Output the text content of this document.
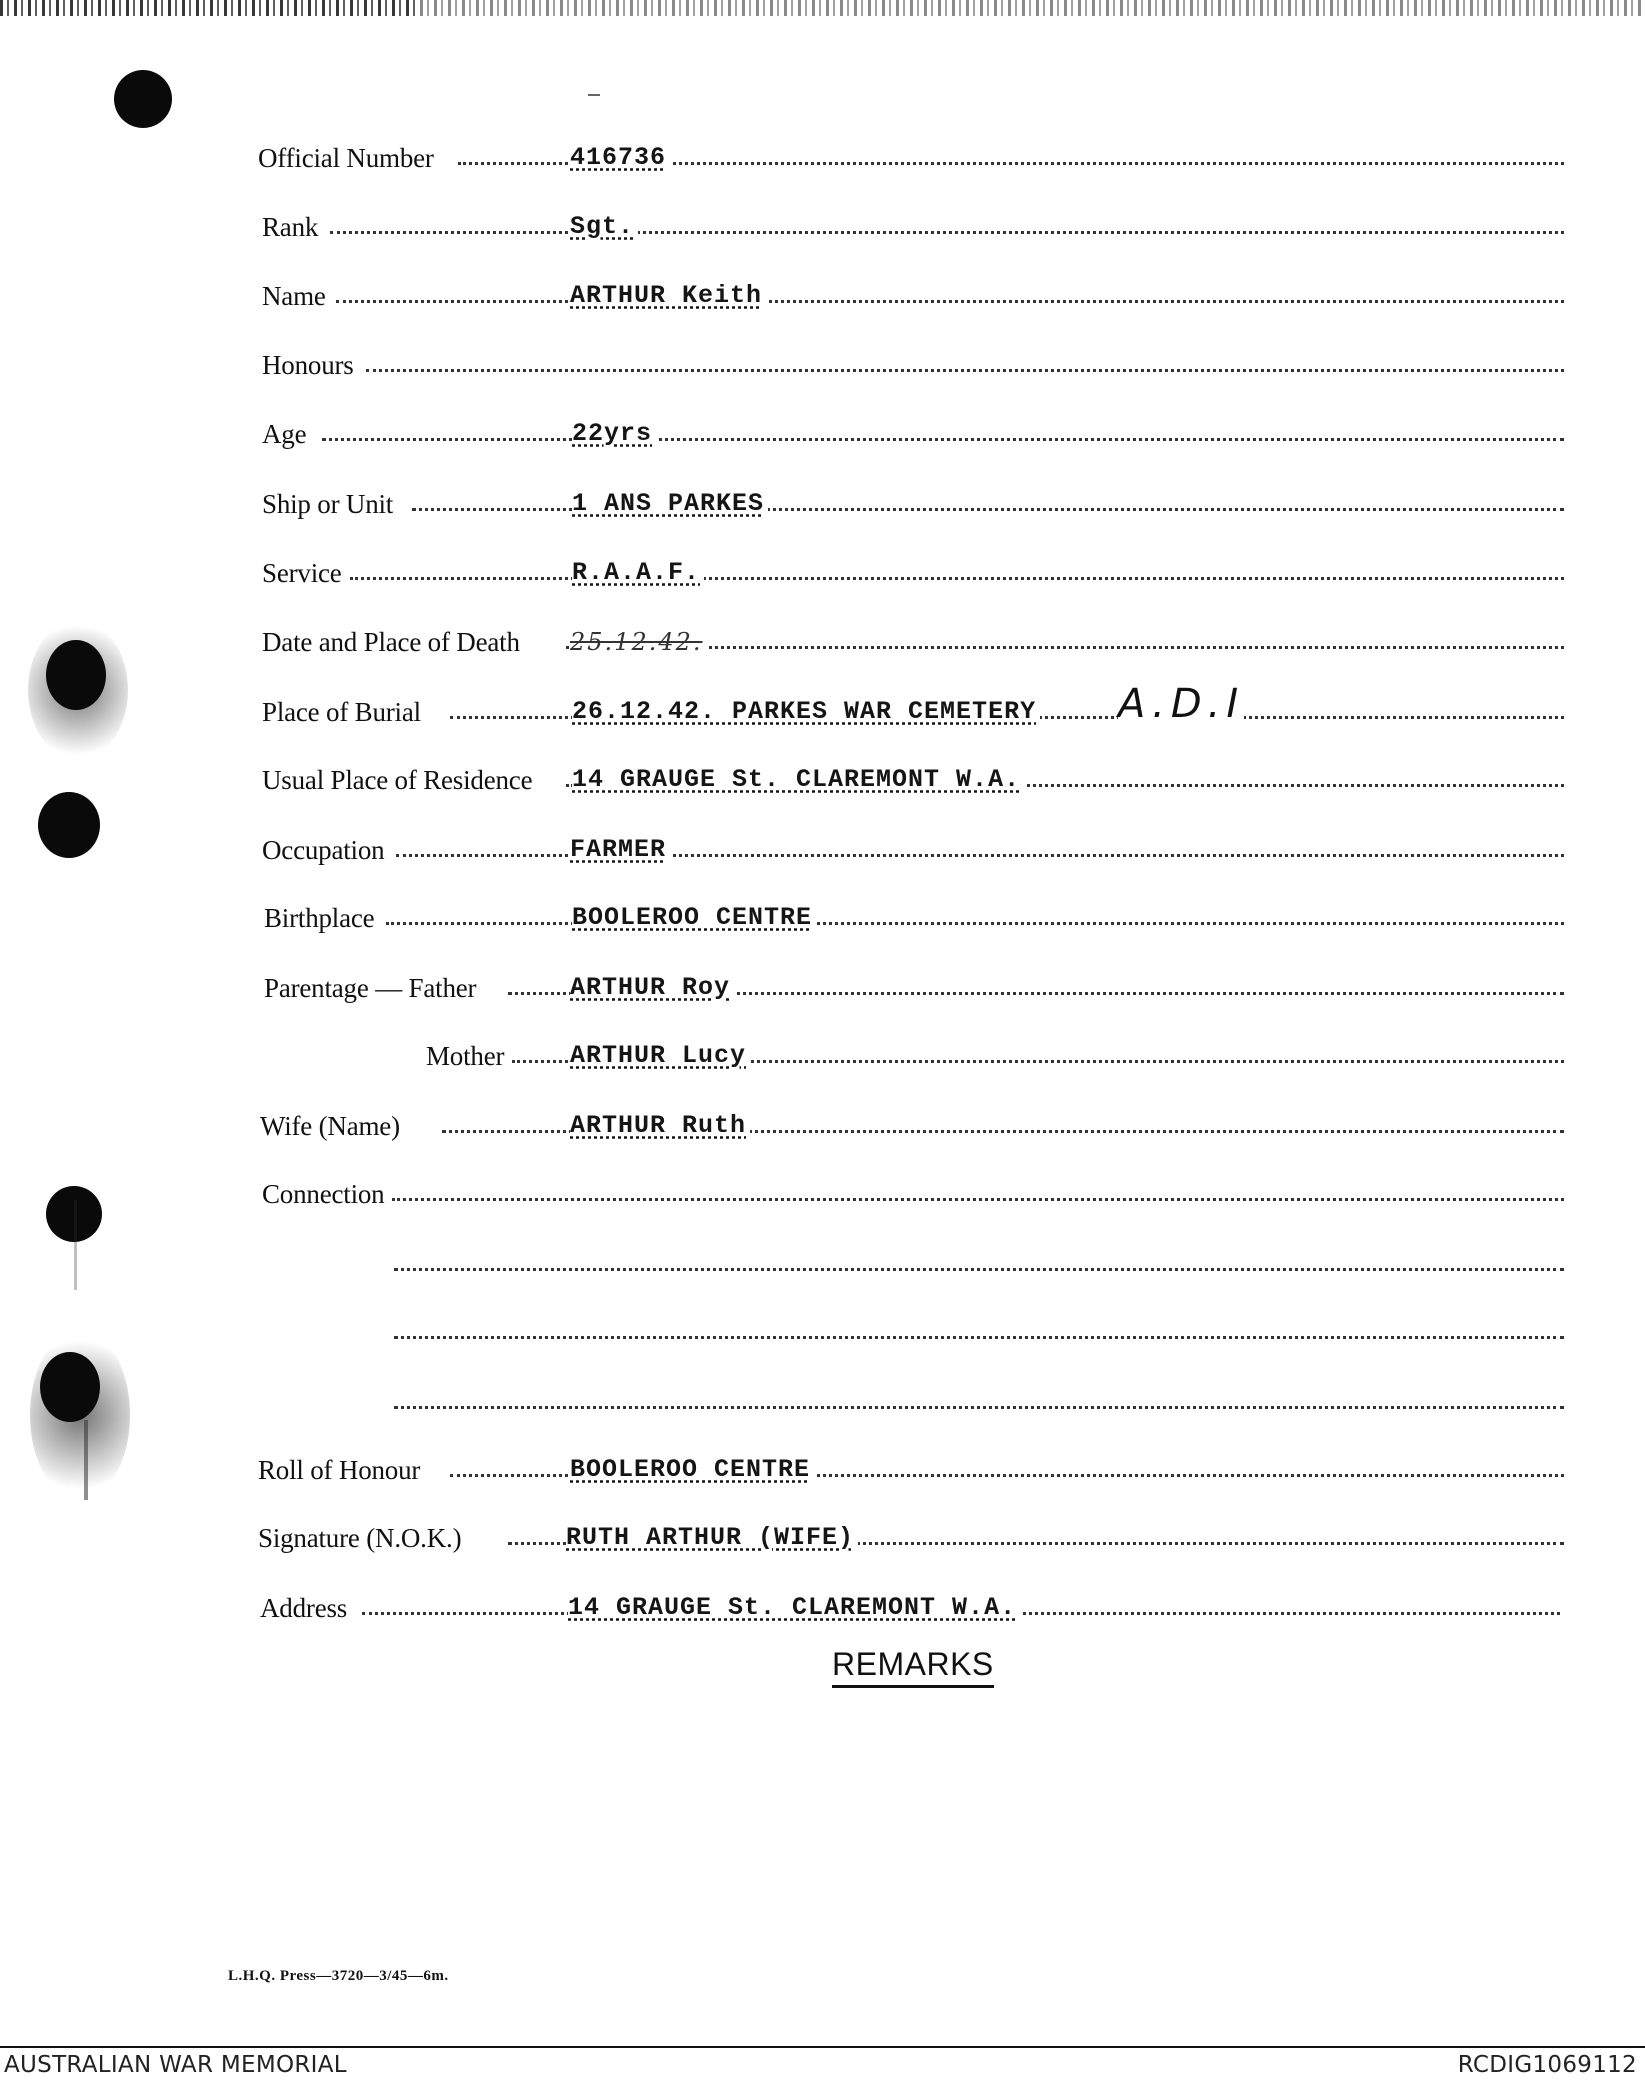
Official Number	416736
Rank	Sgt.
Name	ARTHUR Keith
Honours
Age	22yrs
Ship or Unit	1 ANS PARKES
Service	R.A.A.F.
Date and Place of Death 25.12.42.
Place of Burial	26.12.42. PARKES WAR CEMETERY A.D.I
Usual Place of Residence 14 GRAUGE St. CLAREMONT W.A.
Occupation	FARMER
Birthplace	BOOLEROO CENTRE
Parentage — Father	ARTHUR Roy
Mother	ARTHUR Lucy
Wife (Name)	ARTHUR Ruth
Connection
Roll of Honour	BOOLEROO CENTRE
Signature (N.O.K.)	RUTH ARTHUR (WIFE)
Address	14 GRAUGE St. CLAREMONT W.A.
REMARKS
L.H.Q. Press—3720—3/45—6m.
AUSTRALIAN WAR MEMORIAL	RCDIG1069112
